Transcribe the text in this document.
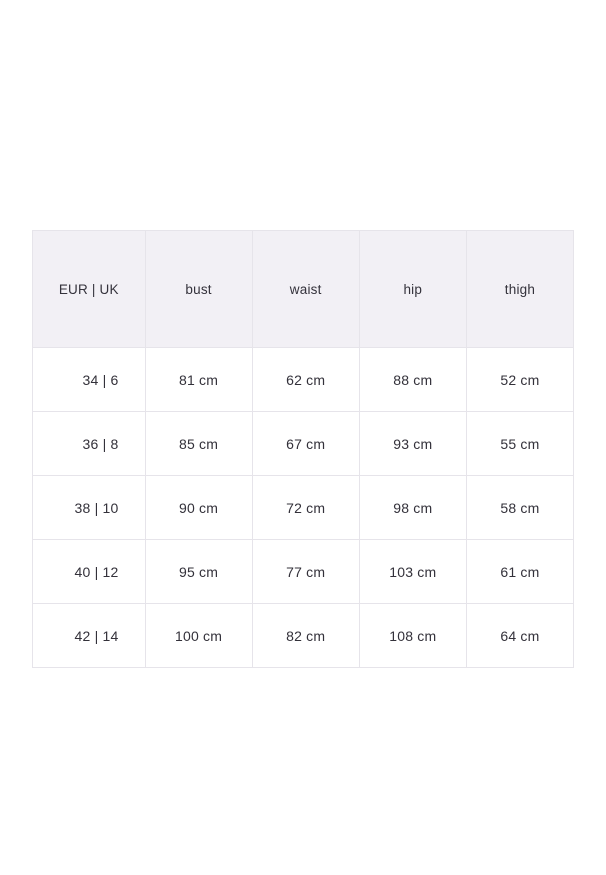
EUR | UK	bust	waist	hip	thigh
34 | 6	81 cm	62 cm	88 cm	52 cm
36 | 8	85 cm	67 cm	93 cm	55 cm
38 | 10	90 cm	72 cm	98 cm	58 cm
40 | 12	95 cm	77 cm	103 cm	61 cm
42 | 14	100 cm	82 cm	108 cm	64 cm
